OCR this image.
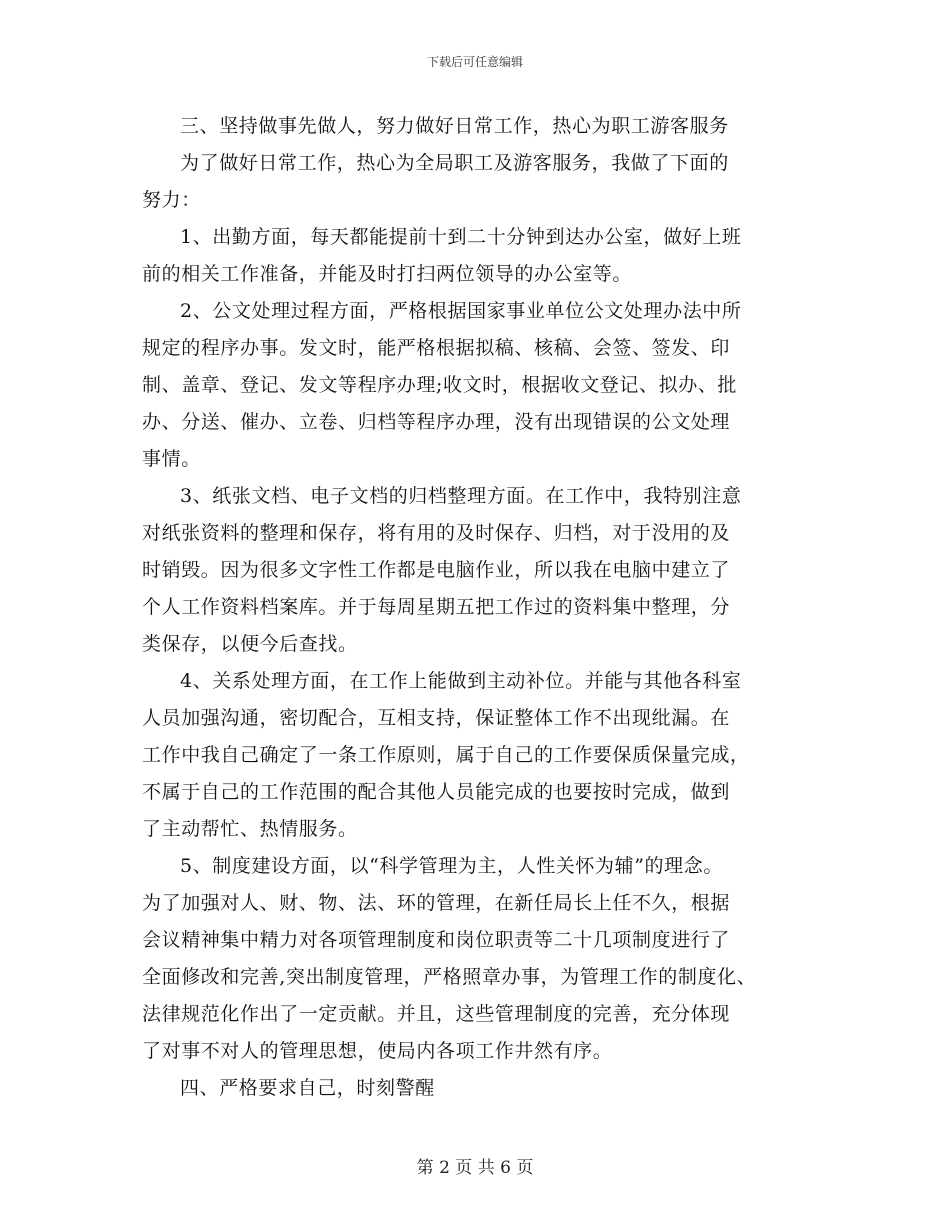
下载后可任意编辑
三、坚持做事先做人，努力做好日常工作，热心为职工游客服务
为了做好日常工作，热心为全局职工及游客服务，我做了下面的
努力：
1、出勤方面，每天都能提前十到二十分钟到达办公室，做好上班
前的相关工作准备，并能及时打扫两位领导的办公室等。
2、公文处理过程方面，严格根据国家事业单位公文处理办法中所
规定的程序办事。发文时，能严格根据拟稿、核稿、会签、签发、印
制、盖章、登记、发文等程序办理;收文时，根据收文登记、拟办、批
办、分送、催办、立卷、归档等程序办理，没有出现错误的公文处理
事情。
3、纸张文档、电子文档的归档整理方面。在工作中，我特别注意
对纸张资料的整理和保存，将有用的及时保存、归档，对于没用的及
时销毁。因为很多文字性工作都是电脑作业，所以我在电脑中建立了
个人工作资料档案库。并于每周星期五把工作过的资料集中整理，分
类保存，以便今后查找。
4、关系处理方面，在工作上能做到主动补位。并能与其他各科室
人员加强沟通，密切配合，互相支持，保证整体工作不出现纰漏。在
工作中我自己确定了一条工作原则，属于自己的工作要保质保量完成，
不属于自己的工作范围的配合其他人员能完成的也要按时完成，做到
了主动帮忙、热情服务。
5、制度建设方面，以“科学管理为主，人性关怀为辅”的理念。
为了加强对人、财、物、法、环的管理，在新任局长上任不久，根据
会议精神集中精力对各项管理制度和岗位职责等二十几项制度进行了
全面修改和完善,突出制度管理，严格照章办事，为管理工作的制度化、
法律规范化作出了一定贡献。并且，这些管理制度的完善，充分体现
了对事不对人的管理思想，使局内各项工作井然有序。
四、严格要求自己，时刻警醒
第 2 页 共 6 页
